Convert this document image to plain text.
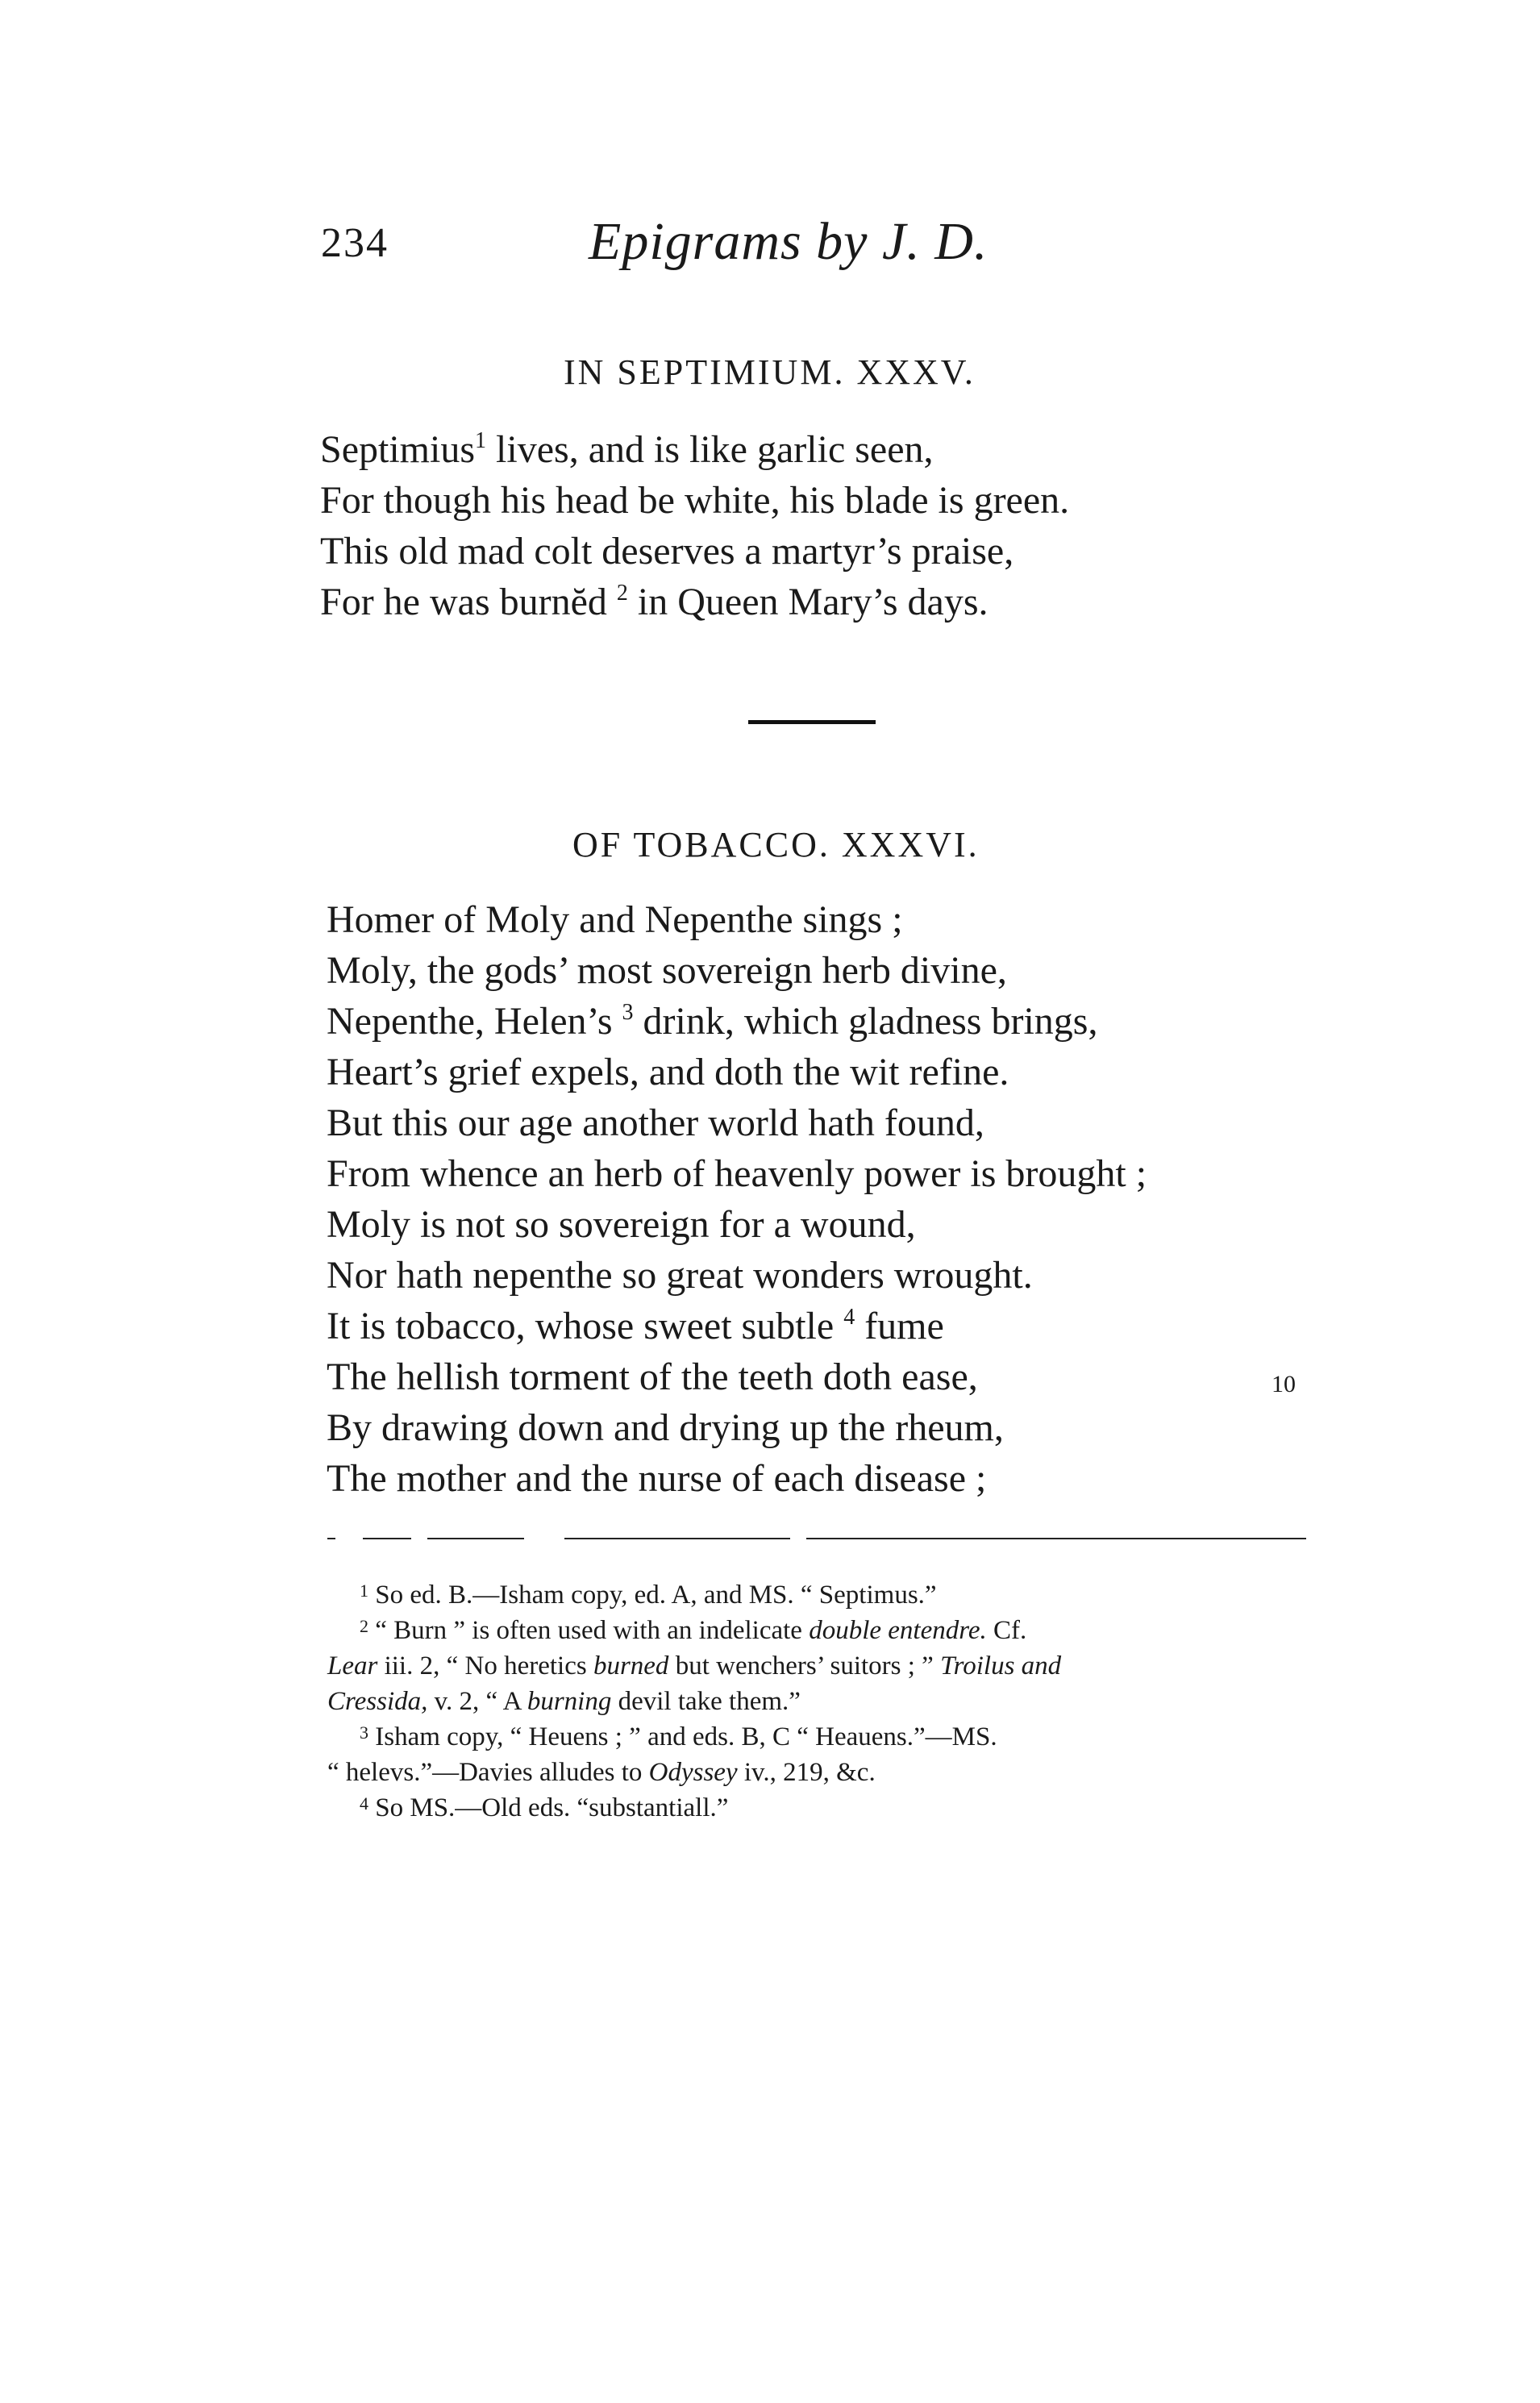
234	Epigrams by J. D.
IN SEPTIMIUM. XXXV.
Septimius$^1$ lives, and is like garlic seen,
For though his head be white, his blade is green.
This old mad colt deserves a martyr’s praise,
For he was burnĕd $^2$ in Queen Mary’s days.
OF TOBACCO. XXXVI.
Homer of Moly and Nepenthe sings ;
Moly, the gods’ most sovereign herb divine,
Nepenthe, Helen’s $^3$ drink, which gladness brings,
Heart’s grief expels, and doth the wit refine.
But this our age another world hath found,
From whence an herb of heavenly power is brought ;
Moly is not so sovereign for a wound,
Nor hath nepenthe so great wonders wrought.
It is tobacco, whose sweet subtle $^4$ fume
The hellish torment of the teeth doth ease,
By drawing down and drying up the rheum,
The mother and the nurse of each disease ;
10
$^1$ So ed. B.—Isham copy, ed. A, and MS. “ Septimus.”
$^2$ “ Burn ” is often used with an indelicate double entendre. Cf.
Lear iii. 2, “ No heretics burned but wenchers’ suitors ; ” Troilus and
Cressida, v. 2, “ A burning devil take them.”
$^3$ Isham copy, “ Heuens ; ” and eds. B, C “ Heauens.”—MS.
“ helevs.”—Davies alludes to Odyssey iv., 219, &c.
$^4$ So MS.—Old eds. “substantiall.”
